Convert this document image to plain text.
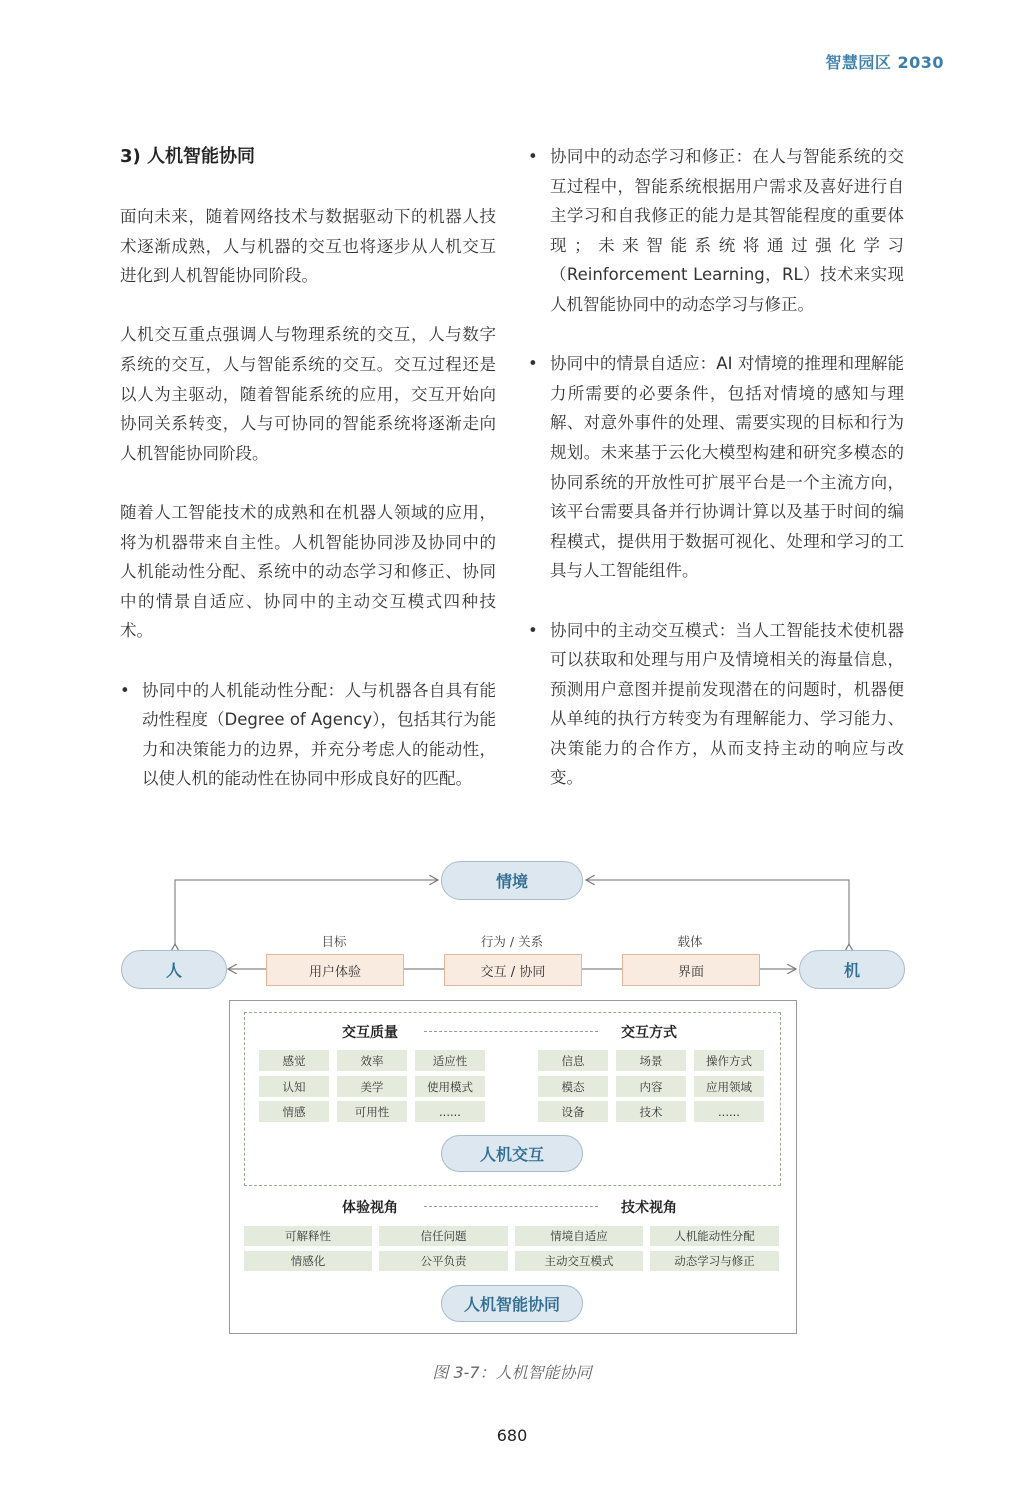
智慧园区 2030
3) 人机智能协同
面向未来，随着网络技术与数据驱动下的机器人技术逐渐成熟，人与机器的交互也将逐步从人机交互进化到人机智能协同阶段。
人机交互重点强调人与物理系统的交互，人与数字系统的交互，人与智能系统的交互。交互过程还是以人为主驱动，随着智能系统的应用，交互开始向协同关系转变，人与可协同的智能系统将逐渐走向人机智能协同阶段。
随着人工智能技术的成熟和在机器人领域的应用，将为机器带来自主性。人机智能协同涉及协同中的人机能动性分配、系统中的动态学习和修正、协同中的情景自适应、协同中的主动交互模式四种技术。
• 协同中的人机能动性分配：人与机器各自具有能动性程度（Degree of Agency），包括其行为能力和决策能力的边界，并充分考虑人的能动性，以使人机的能动性在协同中形成良好的匹配。
• 协同中的动态学习和修正：在人与智能系统的交互过程中，智能系统根据用户需求及喜好进行自主学习和自我修正的能力是其智能程度的重要体现；未来智能系统将通过强化学习（Reinforcement Learning，RL）技术来实现人机智能协同中的动态学习与修正。
• 协同中的情景自适应：AI 对情境的推理和理解能力所需要的必要条件，包括对情境的感知与理解、对意外事件的处理、需要实现的目标和行为规划。未来基于云化大模型构建和研究多模态的协同系统的开放性可扩展平台是一个主流方向，该平台需要具备并行协调计算以及基于时间的编程模式，提供用于数据可视化、处理和学习的工具与人工智能组件。
• 协同中的主动交互模式：当人工智能技术使机器可以获取和处理与用户及情境相关的海量信息，预测用户意图并提前发现潜在的问题时，机器便从单纯的执行方转变为有理解能力、学习能力、决策能力的合作方，从而支持主动的响应与改变。
情境
人	机
目标	行为 / 关系	载体
用户体验	交互 / 协同	界面
交互质量	交互方式
感觉	效率	适应性
认知	美学	使用模式
情感	可用性	......
信息	场景	操作方式
模态	内容	应用领域
设备	技术	......
人机交互
体验视角	技术视角
可解释性	信任问题	情境自适应	人机能动性分配
情感化	公平负责	主动交互模式	动态学习与修正
人机智能协同
图 3-7：人机智能协同
680
